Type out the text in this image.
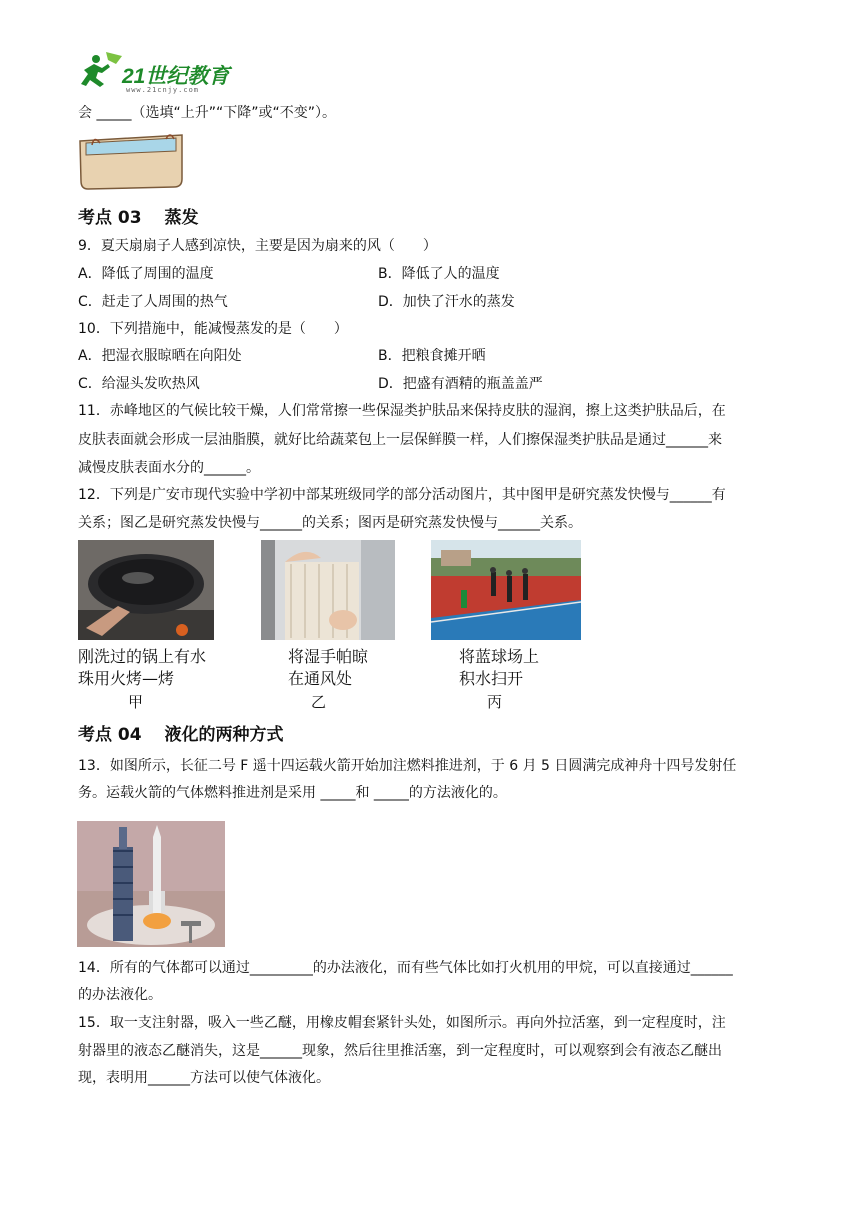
21世纪教育
www.21cnjy.com
会 _____（选填“上升”“下降”或“不变”）。
考点 03　 蒸发
9．夏天扇扇子人感到凉快，主要是因为扇来的风（　　）
A．降低了周围的温度	B．降低了人的温度
C．赶走了人周围的热气	D．加快了汗水的蒸发
10．下列措施中，能减慢蒸发的是（　　）
A．把湿衣服晾晒在向阳处	B．把粮食摊开晒
C．给湿头发吹热风	D．把盛有酒精的瓶盖盖严
11．赤峰地区的气候比较干燥，人们常常擦一些保湿类护肤品来保持皮肤的湿润，擦上这类护肤品后，在
皮肤表面就会形成一层油脂膜，就好比给蔬菜包上一层保鲜膜一样，人们擦保湿类护肤品是通过______来
减慢皮肤表面水分的______。
12．下列是广安市现代实验中学初中部某班级同学的部分活动图片，其中图甲是研究蒸发快慢与______有
关系；图乙是研究蒸发快慢与______的关系；图丙是研究蒸发快慢与______关系。
刚洗过的锅上有水
珠用火烤—烤
将湿手帕晾
在通风处
将蓝球场上
积水扫开
甲	乙	丙
考点 04　 液化的两种方式
13．如图所示，长征二号 F 遥十四运载火箭开始加注燃料推进剂，于 6 月 5 日圆满完成神舟十四号发射任
务。运载火箭的气体燃料推进剂是采用 _____和 _____的方法液化的。
14．所有的气体都可以通过_________的办法液化，而有些气体比如打火机用的甲烷，可以直接通过______
的办法液化。
15．取一支注射器，吸入一些乙醚，用橡皮帽套紧针头处，如图所示。再向外拉活塞，到一定程度时，注
射器里的液态乙醚消失，这是______现象，然后往里推活塞，到一定程度时，可以观察到会有液态乙醚出
现，表明用______方法可以使气体液化。
